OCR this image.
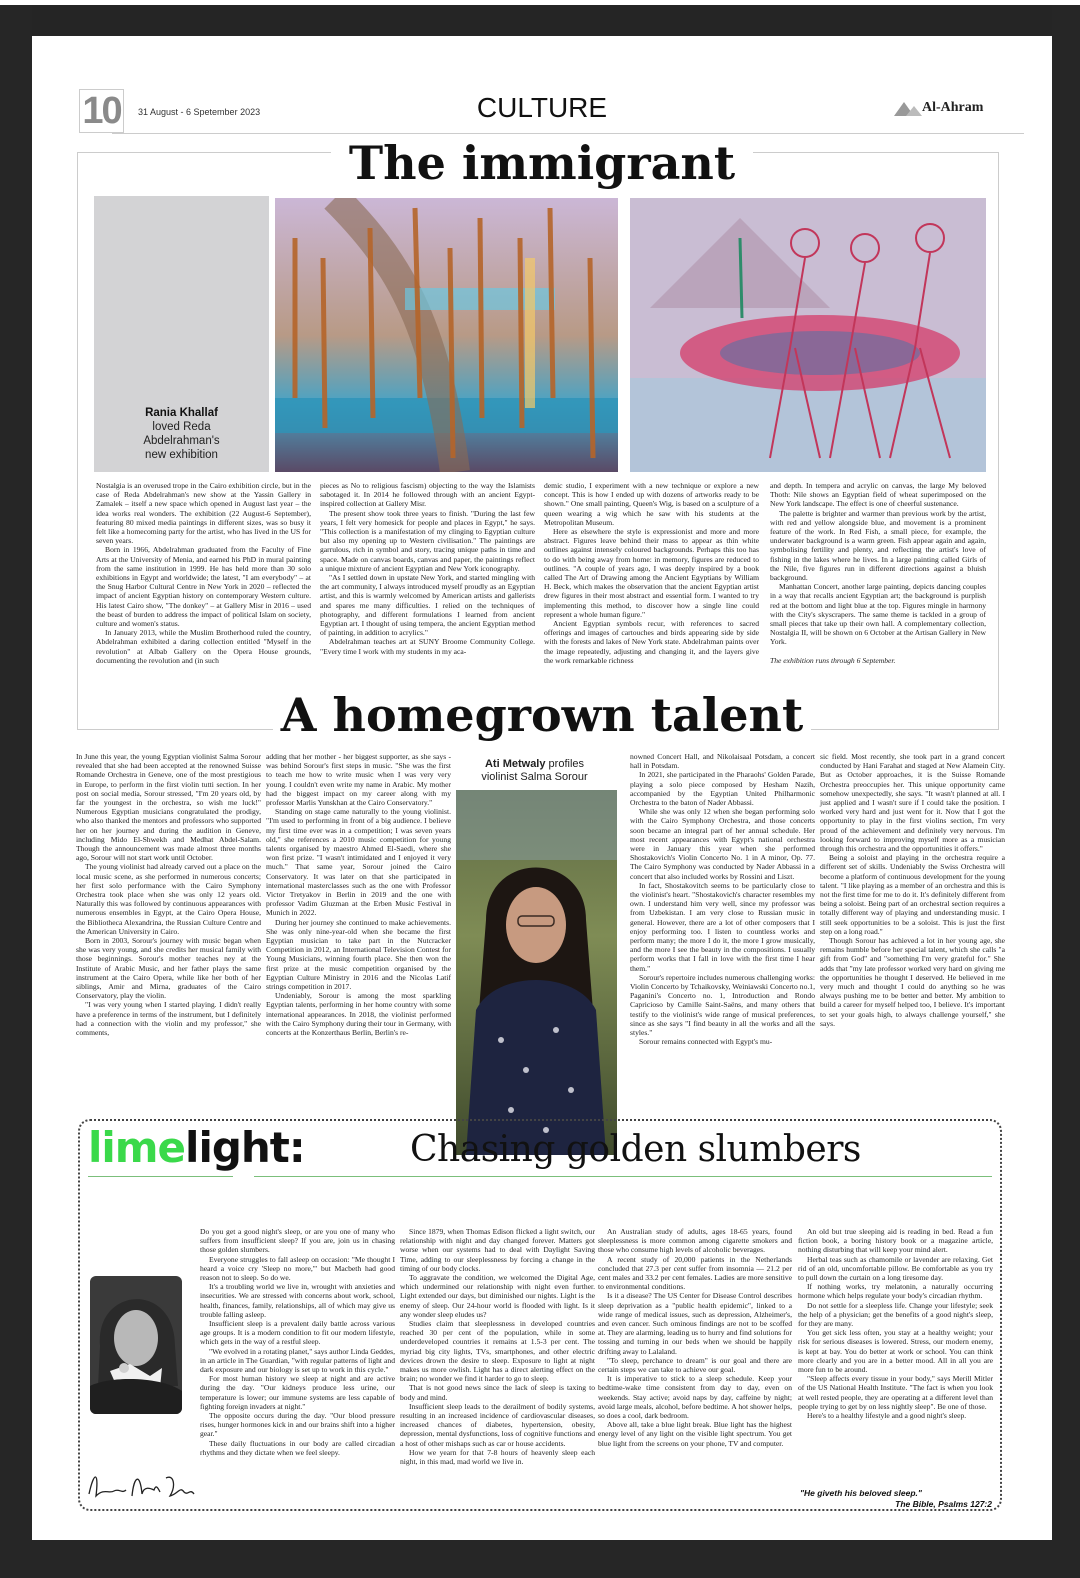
10	31 August - 6 Spetember 2023	CULTURE	Al-Ahram
The immigrant
Rania Khallaf
loved Reda Abdelrahman's new exhibition

Nostalgia is an overused trope in the Cairo exhibition circle, but in the case of Reda Abdelrahman's new show at the Yassin Gallery in Zamalek – itself a new space which opened in August last year – the idea works real wonders. The exhibition (22 August-6 September), featuring 80 mixed media paintings in different sizes, was so busy it felt like a homecoming party for the artist, who has lived in the US for seven years.

Born in 1966, Abdelrahman graduated from the Faculty of Fine Arts at the University of Menia, and earned his PhD in mural painting from the same institution in 1999. He has held more than 30 solo exhibitions in Egypt and worldwide; the latest, "I am everybody" – at the Snug Harbor Cultural Centre in New York in 2020 – reflected the impact of ancient Egyptian history on contemporary Western culture. His latest Cairo show, "The donkey" – at Gallery Misr in 2016 – used the beast of burden to address the impact of political Islam on society, culture and women's status.

In January 2013, while the Muslim Brotherhood ruled the country, Abdelrahman exhibited a daring collection entitled "Myself in the revolution" at Albab Gallery on the Opera House grounds, documenting the revolution and (in such

pieces as No to religious fascism) objecting to the way the Islamists sabotaged it. In 2014 he followed through with an ancient Egypt-inspired collection at Gallery Misr.

The present show took three years to finish. "During the last few years, I felt very homesick for people and places in Egypt," he says. "This collection is a manifestation of my clinging to Egyptian culture but also my opening up to Western civilisation." The paintings are garrulous, rich in symbol and story, tracing unique paths in time and space. Made on canvas boards, canvas and paper, the paintings reflect a unique mixture of ancient Egyptian and New York iconography.

"As I settled down in upstate New York, and started mingling with the art community, I always introduced myself proudly as an Egyptian artist, and this is warmly welcomed by American artists and gallerists and spares me many difficulties. I relied on the techniques of photography, and different formulations I learned from ancient Egyptian art. I thought of using tempera, the ancient Egyptian method of painting, in addition to acrylics."

Abdelrahman teaches art at SUNY Broome Community College. "Every time I work with my students in my aca-

demic studio, I experiment with a new technique or explore a new concept. This is how I ended up with dozens of artworks ready to be shown." One small painting, Queen's Wig, is based on a sculpture of a queen wearing a wig which he saw with his students at the Metropolitan Museum.

Here as elsewhere the style is expressionist and more and more abstract. Figures leave behind their mass to appear as thin white outlines against intensely coloured backgrounds. Perhaps this too has to do with being away from home: in memory, figures are reduced to outlines. "A couple of years ago, I was deeply inspired by a book called The Art of Drawing among the Ancient Egyptians by William H. Beck, which makes the observation that the ancient Egyptian artist drew figures in their most abstract and essential form. I wanted to try implementing this method, to discover how a single line could represent a whole human figure."

Ancient Egyptian symbols recur, with references to sacred offerings and images of cartouches and birds appearing side by side with the forests and lakes of New York state. Abdelrahman paints over the image repeatedly, adjusting and changing it, and the layers give the work remarkable richness

and depth. In tempera and acrylic on canvas, the large My beloved Thoth: Nile shows an Egyptian field of wheat superimposed on the New York landscape. The effect is one of cheerful sustenance.

The palette is brighter and warmer than previous work by the artist, with red and yellow alongside blue, and movement is a prominent feature of the work. In Red Fish, a small piece, for example, the underwater background is a warm green. Fish appear again and again, symbolising fertility and plenty, and reflecting the artist's love of fishing in the lakes where he lives. In a large painting called Girls of the Nile, five figures run in different directions against a bluish background.

Manhattan Concert, another large painting, depicts dancing couples in a way that recalls ancient Egyptian art; the background is purplish red at the bottom and light blue at the top. Figures mingle in harmony with the City's skyscrapers. The same theme is tackled in a group of small pieces that take up their own hall. A complementary collection, Nostalgia II, will be shown on 6 October at the Artisan Gallery in New York.

The exhibition runs through 6 September.

A homegrown talent

In June this year, the young Egyptian violinist Salma Sorour revealed that she had been accepted at the renowned Suisse Romande Orchestra in Geneve, one of the most prestigious in Europe, to perform in the first violin tutti section. In her post on social media, Sorour stressed, "I'm 20 years old, by far the youngest in the orchestra, so wish me luck!" Numerous Egyptian musicians congratulated the prodigy, who also thanked the mentors and professors who supported her on her journey and during the audition in Geneve, including Mido El-Shwekh and Medhat Abdel-Salam. Though the announcement was made almost three months ago, Sorour will not start work until October.

The young violinist had already carved out a place on the local music scene, as she performed in numerous concerts; her first solo performance with the Cairo Symphony Orchestra took place when she was only 12 years old. Naturally this was followed by continuous appearances with numerous ensembles in Egypt, at the Cairo Opera House, the Bibliotheca Alexandrina, the Russian Culture Centre and the American University in Cairo.

Born in 2003, Sorour's journey with music began when she was very young, and she credits her musical family with those beginnings. Sorour's mother teaches ney at the Institute of Arabic Music, and her father plays the same instrument at the Cairo Opera, while like her both of her siblings, Amir and Mirna, graduates of the Cairo Conservatory, play the violin.

"I was very young when I started playing. I didn't really have a preference in terms of the instrument, but I definitely had a connection with the violin and my professor," she comments,

adding that her mother - her biggest supporter, as she says - was behind Sorour's first steps in music. "She was the first to teach me how to write music when I was very very young. I couldn't even write my name in Arabic. My mother had the biggest impact on my career along with my professor Marlis Yunskhan at the Cairo Conservatory."

Standing on stage came naturally to the young violinist. "I'm used to performing in front of a big audience. I believe my first time ever was in a competition; I was seven years old," she references a 2010 music competition for young talents organised by maestro Ahmed El-Saedi, where she won first prize. "I wasn't intimidated and I enjoyed it very much." That same year, Sorour joined the Cairo Conservatory. It was later on that she participated in international masterclasses such as the one with Professor Victor Tretyakov in Berlin in 2019 and the one with professor Vadim Gluzman at the Erben Music Festival in Munich in 2022.

During her journey she continued to make achievements. She was only nine-year-old when she became the first Egyptian musician to take part in the Nutcracker Competition in 2012, an International Television Contest for Young Musicians, winning fourth place. She then won the first prize at the music competition organised by the Egyptian Culture Ministry in 2016 and the Nicolas Latif strings competition in 2017.

Undeniably, Sorour is among the most sparkling Egyptian talents, performing in her home country with some international appearances. In 2018, the violinist performed with the Cairo Symphony during their tour in Germany, with concerts at the Konzerthaus Berlin, Berlin's re-

Ati Metwaly profiles
violinist Salma Sorour

nowned Concert Hall, and Nikolaisaal Potsdam, a concert hall in Potsdam.

In 2021, she participated in the Pharaohs' Golden Parade, playing a solo piece composed by Hesham Nazih, accompanied by the Egyptian United Philharmonic Orchestra to the baton of Nader Abbassi.

While she was only 12 when she began performing solo with the Cairo Symphony Orchestra, and those concerts soon became an integral part of her annual schedule. Her most recent appearances with Egypt's national orchestra were in January this year when she performed Shostakovich's Violin Concerto No. 1 in A minor, Op. 77. The Cairo Symphony was conducted by Nader Abbassi in a concert that also included works by Rossini and Liszt.

In fact, Shostakovitch seems to be particularly close to the violinist's heart. "Shostakovich's character resembles my own. I understand him very well, since my professor was from Uzbekistan. I am very close to Russian music in general. However, there are a lot of other composers that I enjoy performing too. I listen to countless works and perform many; the more I do it, the more I grow musically, and the more I see the beauty in the compositions. I usually perform works that I fall in love with the first time I hear them."

Sorour's repertoire includes numerous challenging works: Violin Concerto by Tchaikovsky, Weiniawski Concerto no.1, Paganini's Concerto no. 1, Introduction and Rondo Capricioso by Camille Saint-Saëns, and many others that testify to the violinist's wide range of musical preferences, since as she says "I find beauty in all the works and all the styles."

Sorour remains connected with Egypt's mu-

sic field. Most recently, she took part in a grand concert conducted by Hani Farahat and staged at New Alamein City. But as October approaches, it is the Suisse Romande Orchestra preoccupies her. This unique opportunity came somehow unexpectedly, she says. "It wasn't planned at all. I just applied and I wasn't sure if I could take the position. I worked very hard and just went for it. Now that I got the opportunity to play in the first violins section, I'm very proud of the achievement and definitely very nervous. I'm looking forward to improving myself more as a musician through this orchestra and the opportunities it offers."

Being a soloist and playing in the orchestra require a different set of skills. Undeniably the Swiss Orchestra will become a platform of continuous development for the young talent. "I like playing as a member of an orchestra and this is not the first time for me to do it. It's definitely different from being a soloist. Being part of an orchestral section requires a totally different way of playing and understanding music. I still seek opportunities to be a soloist. This is just the first step on a long road."

Though Sorour has achieved a lot in her young age, she remains humble before her special talent, which she calls "a gift from God" and "something I'm very grateful for." She adds that "my late professor worked very hard on giving me the opportunities he thought I deserved. He believed in me very much and thought I could do anything so he was always pushing me to be better and better. My ambition to build a career for myself helped too, I believe. It's important to set your goals high, to always challenge yourself," she says.

limelight:	Chasing golden slumbers

Do you get a good night's sleep, or are you one of many who suffers from insufficient sleep? If you are, join us in chasing those golden slumbers.

Everyone struggles to fall asleep on occasion: "Me thought I heard a voice cry 'Sleep no more,'" but Macbeth had good reason not to sleep. So do we.

It's a troubling world we live in, wrought with anxieties and insecurities. We are stressed with concerns about work, school, health, finances, family, relationships, all of which may give us trouble falling asleep.

Insufficient sleep is a prevalent daily battle across various age groups. It is a modern condition to fit our modern lifestyle, which gets in the way of a restful sleep.

"We evolved in a rotating planet," says author Linda Geddes, in an article in The Guardian, "with regular patterns of light and dark exposure and our biology is set up to work in this cycle."

For most human history we sleep at night and are active during the day. "Our kidneys produce less urine, our temperature is lower; our immune systems are less capable of fighting foreign invaders at night."

The opposite occurs during the day. "Our blood pressure rises, hunger hormones kick in and our brains shift into a higher gear."

These daily fluctuations in our body are called circadian rhythms and they dictate when we feel sleepy.

Since 1879, when Thomas Edison flicked a light switch, our relationship with night and day changed forever. Matters got worse when our systems had to deal with Daylight Saving Time, adding to our sleeplessness by forcing a change in the timing of our body clocks.

To aggravate the condition, we welcomed the Digital Age, which undermined our relationship with night even further. Light extended our days, but diminished our nights. Light is the enemy of sleep. Our 24-hour world is flooded with light. Is it any wonder sleep eludes us?

Studies claim that sleeplessness in developed countries reached 30 per cent of the population, while in some underdeveloped countries it remains at 1.5-3 per cent. The myriad big city lights, TVs, smartphones, and other electric devices drown the desire to sleep. Exposure to light at night makes us more owlish. Light has a direct alerting effect on the brain; no wonder we find it harder to go to sleep.

That is not good news since the lack of sleep is taxing to body and mind.

Insufficient sleep leads to the derailment of bodily systems, resulting in an increased incidence of cardiovascular diseases, increased chances of diabetes, hypertension, obesity, depression, mental dysfunctions, loss of cognitive functions and a host of other mishaps such as car or house accidents.

How we yearn for that 7-8 hours of heavenly sleep each night, in this mad, mad world we live in.

An Australian study of adults, ages 18-65 years, found sleeplessness is more common among cigarette smokers and those who consume high levels of alcoholic beverages.

A recent study of 20,000 patients in the Netherlands concluded that 27.3 per cent suffer from insomnia — 21.2 per cent males and 33.2 per cent females. Ladies are more sensitive to environmental conditions.

Is it a disease? The US Center for Disease Control describes sleep deprivation as a "public health epidemic", linked to a wide range of medical issues, such as depression, Alzheimer's, and even cancer. Such ominous findings are not to be scoffed at. They are alarming, leading us to hurry and find solutions for tossing and turning in our beds when we should be happily drifting away to Lalaland.

"To sleep, perchance to dream" is our goal and there are certain steps we can take to achieve our goal.

It is imperative to stick to a sleep schedule. Keep your bedtime-wake time consistent from day to day, even on weekends. Stay active; avoid naps by day, caffeine by night; avoid large meals, alcohol, before bedtime. A hot shower helps, so does a cool, dark bedroom.

Above all, take a blue light break. Blue light has the highest energy level of any light on the visible light spectrum. You get blue light from the screens on your phone, TV and computer.

An old but true sleeping aid is reading in bed. Read a fun fiction book, a boring history book or a magazine article, nothing disturbing that will keep your mind alert.

Herbal teas such as chamomile or lavender are relaxing. Get rid of an old, uncomfortable pillow. Be comfortable as you try to pull down the curtain on a long tiresome day.

If nothing works, try melatonin, a naturally occurring hormone which helps regulate your body's circadian rhythm.

Do not settle for a sleepless life. Change your lifestyle; seek the help of a physician; get the benefits of a good night's sleep, for they are many.

You get sick less often, you stay at a healthy weight; your risk for serious diseases is lowered. Stress, our modern enemy, is kept at bay. You do better at work or school. You can think more clearly and you are in a better mood. All in all you are more fun to be around.

"Sleep affects every tissue in your body," says Merill Mitler of the US National Health Institute. "The fact is when you look at well rested people, they are operating at a different level than people trying to get by on less nightly sleep". Be one of those.

Here's to a healthy lifestyle and a good night's sleep.

"He giveth his beloved sleep."
The Bible, Psalms 127:2
